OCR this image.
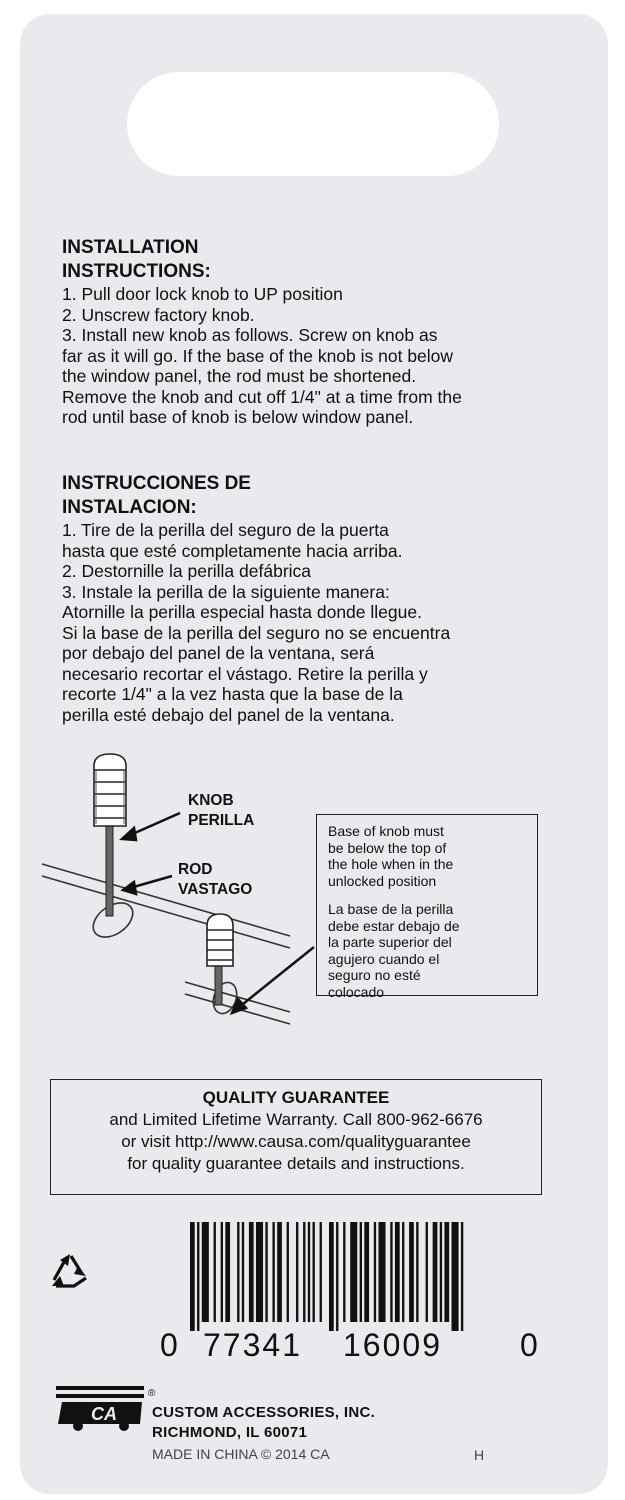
INSTALLATION
INSTRUCTIONS:

1. Pull door lock knob to UP position

2. Unscrew factory knob.

3. Install new knob as follows. Screw on knob as

far as it will go. If the base of the knob is not below

the window panel, the rod must be shortened.

Remove the knob and cut off 1/4" at a time from the

rod until base of knob is below window panel.

INSTRUCCIONES DE
INSTALACION:

1. Tire de la perilla del seguro de la puerta

hasta que esté completamente hacia arriba.

2. Destornille la perilla defábrica

3. Instale la perilla de la siguiente manera:

Atornille la perilla especial hasta donde llegue.

Si la base de la perilla del seguro no se encuentra

por debajo del panel de la ventana, será

necesario recortar el vástago. Retire la perilla y

recorte 1/4" a la vez hasta que la base de la

perilla esté debajo del panel de la ventana.

KNOB
PERILLA
ROD
VASTAGO

Base of knob must
be below the top of
the hole when in the
unlocked position

La base de la perilla
debe estar debajo de
la parte superior del
agujero cuando el
seguro no esté
colocado

QUALITY GUARANTEE

and Limited Lifetime Warranty. Call 800-962-6676

or visit http://www.causa.com/qualityguarantee

for quality guarantee details and instructions.

0 77341 16009 0
CA
®
CUSTOM ACCESSORIES, INC.
RICHMOND, IL 60071
MADE IN CHINA © 2014 CA	H
